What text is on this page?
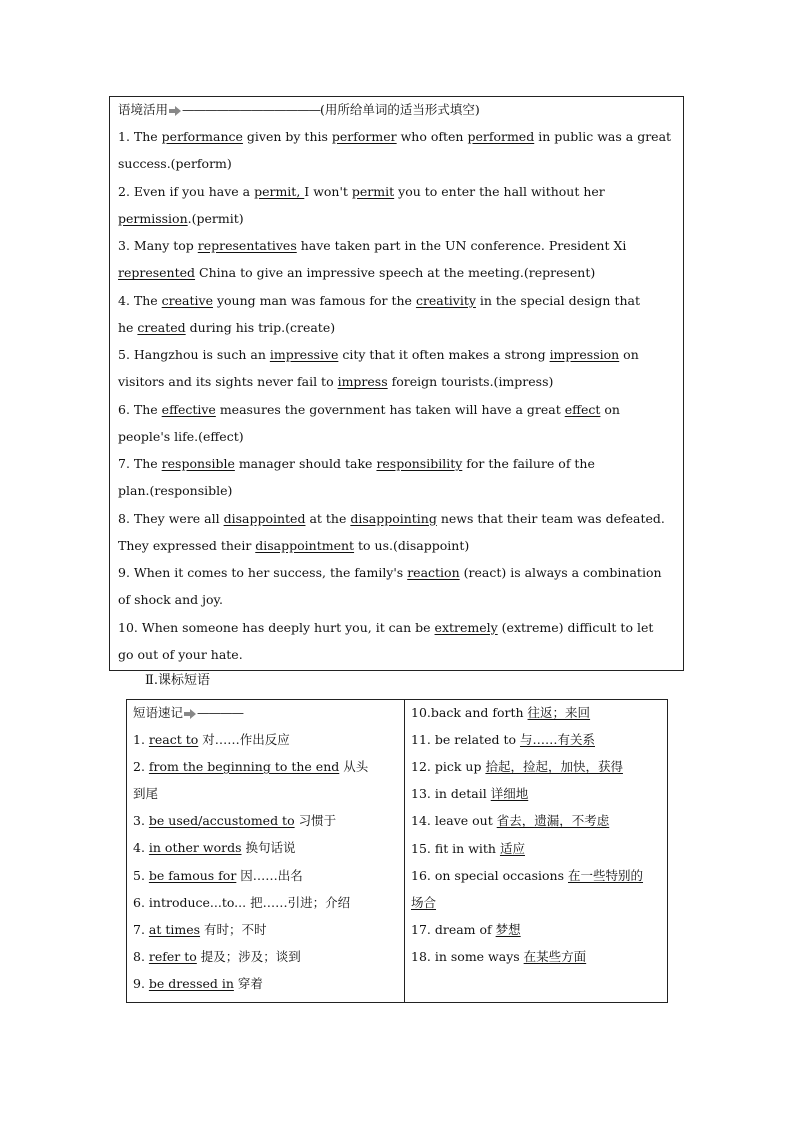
语境活用 ————————————(用所给单词的适当形式填空)
1. The performance given by this performer who often performed in public was a great
success.(perform)
2. Even if you have a permit, I won't permit you to enter the hall without her
permission.(permit)
3. Many top representatives have taken part in the UN conference. President Xi
represented China to give an impressive speech at the meeting.(represent)
4. The creative young man was famous for the creativity in the special design that
he created during his trip.(create)
5. Hangzhou is such an impressive city that it often makes a strong impression on
visitors and its sights never fail to impress foreign tourists.(impress)
6. The effective measures the government has taken will have a great effect on
people's life.(effect)
7. The responsible manager should take responsibility for the failure of the
plan.(responsible)
8. They were all disappointed at the disappointing news that their team was defeated.
They expressed their disappointment to us.(disappoint)
9. When it comes to her success, the family's reaction (react) is always a combination
of shock and joy.
10. When someone has deeply hurt you, it can be extremely (extreme) difficult to let
go out of your hate.
Ⅱ.课标短语
短语速记 ————
1. react to 对……作出反应
2. from the beginning to the end 从头
到尾
3. be used/accustomed to 习惯于
4. in other words 换句话说
5. be famous for 因……出名
6. introduce...to... 把……引进；介绍
7. at times 有时；不时
8. refer to 提及；涉及；谈到
9. be dressed in 穿着
10.back and forth 往返；来回
11. be related to 与……有关系
12. pick up 拾起，捡起，加快，获得
13. in detail 详细地
14. leave out 省去，遗漏，不考虑
15. fit in with 适应
16. on special occasions 在一些特别的
场合
17. dream of 梦想
18. in some ways 在某些方面
